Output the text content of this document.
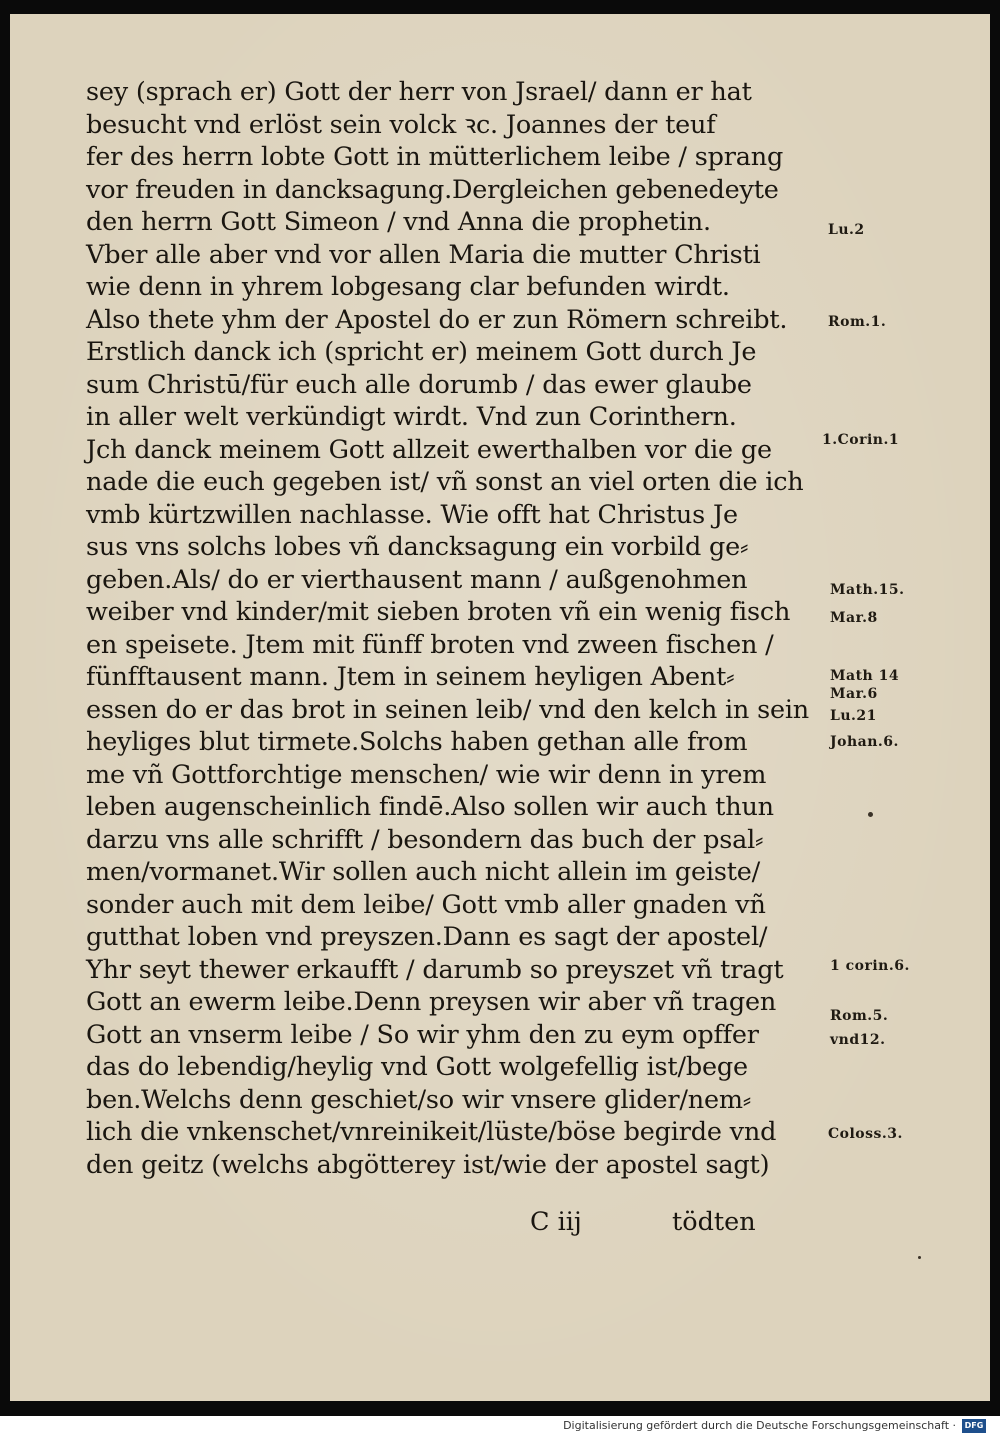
sey (sprach er) Gott der herr von Jsrael/ dann er hat
besucht vnd erlöst sein volck ꝛc. Joannes der teuf
fer des herrn lobte Gott in mütterlichem leibe / sprang
vor freuden in dancksagung.Dergleichen gebenedeyte
den herrn Gott Simeon / vnd Anna die prophetin.
Vber alle aber vnd vor allen Maria die mutter Christi
wie denn in yhrem lobgesang clar befunden wirdt.
Also thete yhm der Apostel do er zun Römern schreibt.
Erstlich danck ich (spricht er) meinem Gott durch Je
sum Christū/für euch alle dorumb / das ewer glaube
in aller welt verkündigt wirdt. Vnd zun Corinthern.
Jch danck meinem Gott allzeit ewerthalben vor die ge
nade die euch gegeben ist/ vñ sonst an viel orten die ich
vmb kürtzwillen nachlasse. Wie offt hat Christus Je
sus vns solchs lobes vñ dancksagung ein vorbild ge⸗
geben.Als/ do er vierthausent mann / außgenohmen
weiber vnd kinder/mit sieben broten vñ ein wenig fisch
en speisete. Jtem mit fünff broten vnd zween fischen /
fünfftausent mann. Jtem in seinem heyligen Abent⸗
essen do er das brot in seinen leib/ vnd den kelch in sein
heyliges blut tirmete.Solchs haben gethan alle from
me vñ Gottforchtige menschen/ wie wir denn in yrem
leben augenscheinlich findē.Also sollen wir auch thun
darzu vns alle schrifft / besondern das buch der psal⸗
men/vormanet.Wir sollen auch nicht allein im geiste/
sonder auch mit dem leibe/ Gott vmb aller gnaden vñ
gutthat loben vnd preyszen.Dann es sagt der apostel/
Yhr seyt thewer erkaufft / darumb so preyszet vñ tragt
Gott an ewerm leibe.Denn preysen wir aber vñ tragen
Gott an vnserm leibe / So wir yhm den zu eym opffer
das do lebendig/heylig vnd Gott wolgefellig ist/bege
ben.Welchs denn geschiet/so wir vnsere glider/nem⸗
lich die vnkenschet/vnreinikeit/lüste/böse begirde vnd
den geitz (welchs abgötterey ist/wie der apostel sagt)
Lu.2
Rom.1.
1.Corin.1
Math.15.
Mar.8
Math 14
Mar.6
Lu.21
Johan.6.
1 corin.6.
Rom.5.
vnd12.
Coloss.3.
C iij	tödten
Digitalisierung gefördert durch die Deutsche Forschungsgemeinschaft ·	DFG
